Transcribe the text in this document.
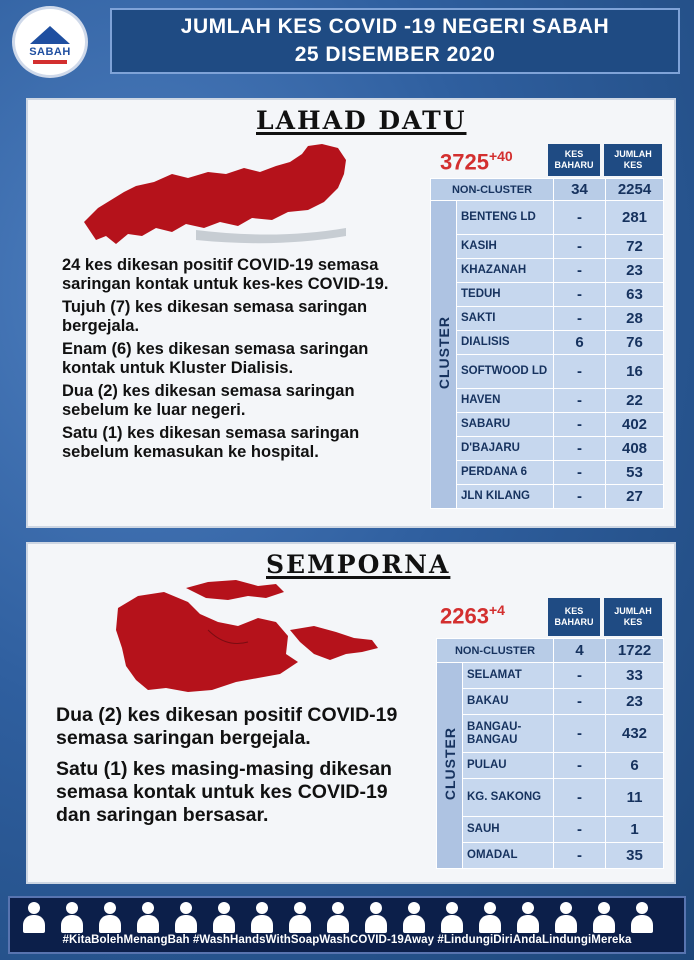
SABAH
JUMLAH KES COVID -19 NEGERI SABAH
25 DISEMBER 2020
LAHAD DATU

24 kes dikesan positif COVID-19 semasa saringan kontak untuk kes-kes COVID-19.

Tujuh (7) kes dikesan semasa saringan bergejala.

Enam (6) kes dikesan semasa saringan kontak untuk Kluster Dialisis.

Dua (2) kes dikesan semasa saringan sebelum ke luar negeri.

Satu (1) kes dikesan semasa saringan sebelum kemasukan ke hospital.

$3725^{+40}$	KES BAHARU
JUMLAH KES
NON-CLUSTER		34	2254
CLUSTER	BENTENG LD	-	281
	KASIH	-	72
	KHAZANAH	-	23
	TEDUH	-	63
	SAKTI	-	28
	DIALISIS	6	76
	SOFTWOOD LD	-	16
	HAVEN	-	22
	SABARU	-	402
	D'BAJARU	-	408
	PERDANA 6	-	53
	JLN KILANG	-	27
SEMPORNA

Dua (2) kes dikesan positif COVID-19 semasa saringan bergejala.

Satu (1) kes masing-masing dikesan semasa kontak untuk kes COVID-19 dan saringan bersasar.

$2263^{+4}$	KES BAHARU
JUMLAH KES
NON-CLUSTER		4	1722
CLUSTER	SELAMAT	-	33
	BAKAU	-	23
	BANGAU-BANGAU	-	432
	PULAU	-	6
	KG. SAKONG	-	11
	SAUH	-	1
	OMADAL	-	35
#KitaBolehMenangBah #WashHandsWithSoapWashCOVID-19Away #LindungiDiriAndaLindungiMereka
